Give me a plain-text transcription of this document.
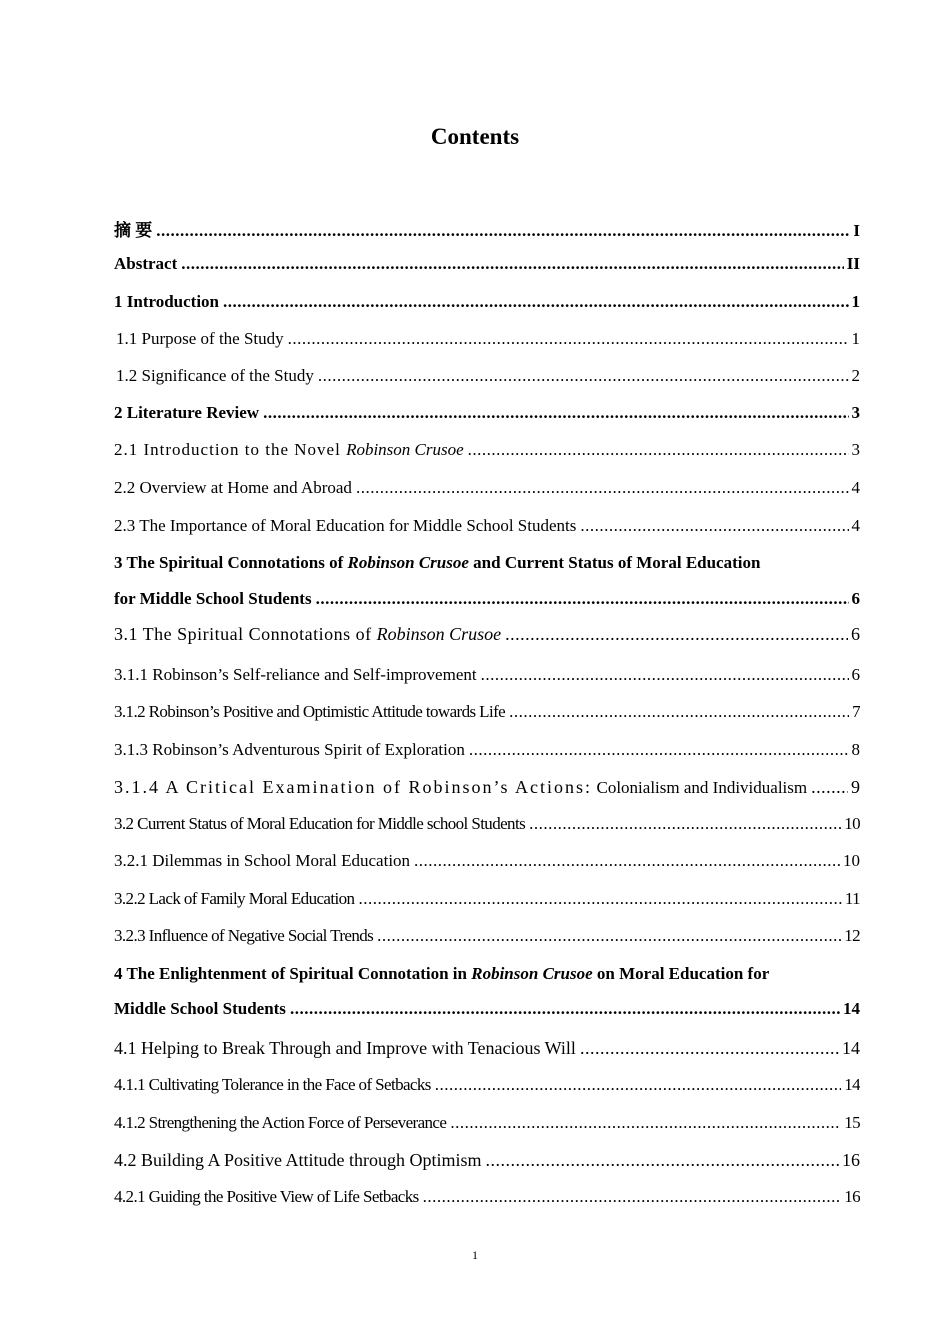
Contents
摘 要 .....	I
Abstract .....	II
1 Introduction .....	1
1.1 Purpose of the Study .....	1
1.2 Significance of the Study .....	2
2 Literature Review .....	3
2.1 Introduction to the Novel Robinson Crusoe .....	3
2.2 Overview at Home and Abroad .....	4
2.3 The Importance of Moral Education for Middle School Students .....	4
3 The Spiritual Connotations of Robinson Crusoe and Current Status of Moral Education
for Middle School Students .....	6
3.1 The Spiritual Connotations of Robinson Crusoe .....	6
3.1.1 Robinson’s Self-reliance and Self-improvement .....	6
3.1.2 Robinson’s Positive and Optimistic Attitude towards Life .....	7
3.1.3 Robinson’s Adventurous Spirit of Exploration .....	8
3.1.4 A Critical Examination of Robinson’s Actions: Colonialism and Individualism ..... 9
3.2 Current Status of Moral Education for Middle school Students .....	10
3.2.1 Dilemmas in School Moral Education .....	10
3.2.2 Lack of Family Moral Education .....	11
3.2.3 Influence of Negative Social Trends .....	12
4 The Enlightenment of Spiritual Connotation in Robinson Crusoe on Moral Education for
Middle School Students .....	14
4.1 Helping to Break Through and Improve with Tenacious Will .....	14
4.1.1 Cultivating Tolerance in the Face of Setbacks .....	14
4.1.2 Strengthening the Action Force of Perseverance .....	15
4.2 Building A Positive Attitude through Optimism .....	16
4.2.1 Guiding the Positive View of Life Setbacks .....	16
1
